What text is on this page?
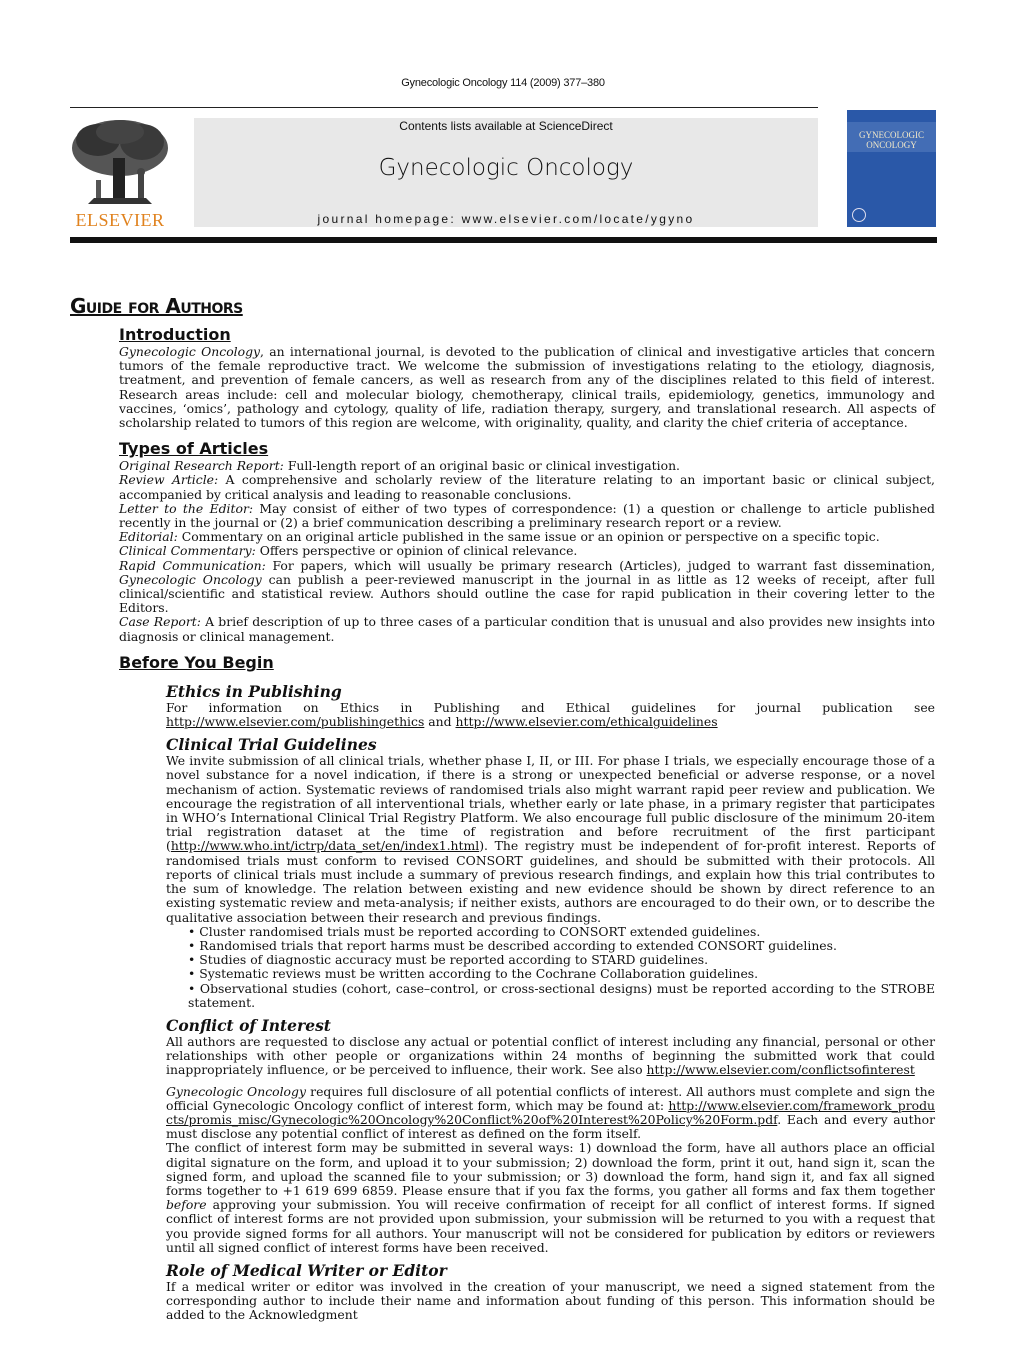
Gynecologic Oncology 114 (2009) 377–380
ELSEVIER
Contents lists available at ScienceDirect
Gynecologic Oncology
journal homepage: www.elsevier.com/locate/ygyno
GYNECOLOGIC ONCOLOGY
Guide for Authors
Introduction

Gynecologic Oncology, an international journal, is devoted to the publication of clinical and investigative articles that concern tumors of the female reproductive tract. We welcome the submission of investigations relating to the etiology, diagnosis, treatment, and prevention of female cancers, as well as research from any of the disciplines related to this field of interest. Research areas include: cell and molecular biology, chemotherapy, clinical trails, epidemiology, genetics, immunology and vaccines, ‘omics’, pathology and cytology, quality of life, radiation therapy, surgery, and translational research. All aspects of scholarship related to tumors of this region are welcome, with originality, quality, and clarity the chief criteria of acceptance.

Types of Articles

Original Research Report: Full-length report of an original basic or clinical investigation.

Review Article: A comprehensive and scholarly review of the literature relating to an important basic or clinical subject, accompanied by critical analysis and leading to reasonable conclusions.

Letter to the Editor: May consist of either of two types of correspondence: (1) a question or challenge to article published recently in the journal or (2) a brief communication describing a preliminary research report or a review.

Editorial: Commentary on an original article published in the same issue or an opinion or perspective on a specific topic.

Clinical Commentary: Offers perspective or opinion of clinical relevance.

Rapid Communication: For papers, which will usually be primary research (Articles), judged to warrant fast dissemination, Gynecologic Oncology can publish a peer-reviewed manuscript in the journal in as little as 12 weeks of receipt, after full clinical/scientific and statistical review. Authors should outline the case for rapid publication in their covering letter to the Editors.

Case Report: A brief description of up to three cases of a particular condition that is unusual and also provides new insights into diagnosis or clinical management.

Before You Begin
Ethics in Publishing

For information on Ethics in Publishing and Ethical guidelines for journal publication see http://www.elsevier.com/publishingethics and http://www.elsevier.com/ethicalguidelines

Clinical Trial Guidelines

We invite submission of all clinical trials, whether phase I, II, or III. For phase I trials, we especially encourage those of a novel substance for a novel indication, if there is a strong or unexpected beneficial or adverse response, or a novel mechanism of action. Systematic reviews of randomised trials also might warrant rapid peer review and publication. We encourage the registration of all interventional trials, whether early or late phase, in a primary register that participates in WHO’s International Clinical Trial Registry Platform. We also encourage full public disclosure of the minimum 20-item trial registration dataset at the time of registration and before recruitment of the first participant (http://www.who.int/ictrp/data_set/en/index1.html). The registry must be independent of for-profit interest. Reports of randomised trials must conform to revised CONSORT guidelines, and should be submitted with their protocols. All reports of clinical trials must include a summary of previous research findings, and explain how this trial contributes to the sum of knowledge. The relation between existing and new evidence should be shown by direct reference to an existing systematic review and meta-analysis; if neither exists, authors are encouraged to do their own, or to describe the qualitative association between their research and previous findings.

• Cluster randomised trials must be reported according to CONSORT extended guidelines.
• Randomised trials that report harms must be described according to extended CONSORT guidelines.
• Studies of diagnostic accuracy must be reported according to STARD guidelines.
• Systematic reviews must be written according to the Cochrane Collaboration guidelines.
• Observational studies (cohort, case–control, or cross-sectional designs) must be reported according to the STROBE statement.
Conflict of Interest

All authors are requested to disclose any actual or potential conflict of interest including any financial, personal or other relationships with other people or organizations within 24 months of beginning the submitted work that could inappropriately influence, or be perceived to influence, their work. See also http://www.elsevier.com/conflictsofinterest

Gynecologic Oncology requires full disclosure of all potential conflicts of interest. All authors must complete and sign the official Gynecologic Oncology conflict of interest form, which may be found at: http://www.elsevier.com/framework_products/promis_misc/Gynecologic%20Oncology%20Conflict%20of%20Interest%20Policy%20Form.pdf. Each and every author must disclose any potential conflict of interest as defined on the form itself.

The conflict of interest form may be submitted in several ways: 1) download the form, have all authors place an official digital signature on the form, and upload it to your submission; 2) download the form, print it out, hand sign it, scan the signed form, and upload the scanned file to your submission; or 3) download the form, hand sign it, and fax all signed forms together to +1 619 699 6859. Please ensure that if you fax the forms, you gather all forms and fax them together before approving your submission. You will receive confirmation of receipt for all conflict of interest forms. If signed conflict of interest forms are not provided upon submission, your submission will be returned to you with a request that you provide signed forms for all authors. Your manuscript will not be considered for publication by editors or reviewers until all signed conflict of interest forms have been received.

Role of Medical Writer or Editor

If a medical writer or editor was involved in the creation of your manuscript, we need a signed statement from the corresponding author to include their name and information about funding of this person. This information should be added to the Acknowledgment
